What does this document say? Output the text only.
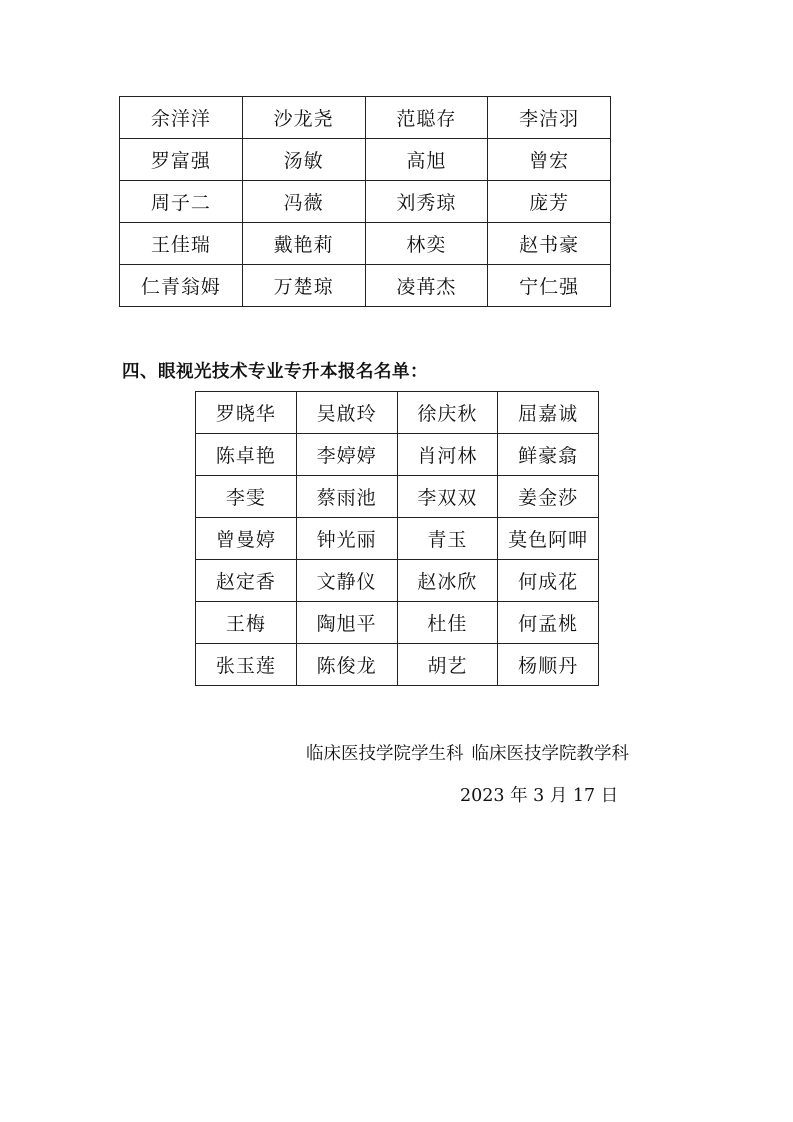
余洋洋	沙龙尧	范聪存	李洁羽
罗富强	汤敏	高旭	曾宏
周子二	冯薇	刘秀琼	庞芳
王佳瑞	戴艳莉	林奕	赵书豪
仁青翁姆	万楚琼	凌苒杰	宁仁强
四、眼视光技术专业专升本报名名单：
罗晓华	吴啟玲	徐庆秋	屈嘉诚
陈卓艳	李婷婷	肖河林	鲜豪翕
李雯	蔡雨池	李双双	姜金莎
曾曼婷	钟光丽	青玉	莫色阿呷
赵定香	文静仪	赵冰欣	何成花
王梅	陶旭平	杜佳	何孟桃
张玉莲	陈俊龙	胡艺	杨顺丹
临床医技学院学生科 临床医技学院教学科
2023 年 3 月 17 日
